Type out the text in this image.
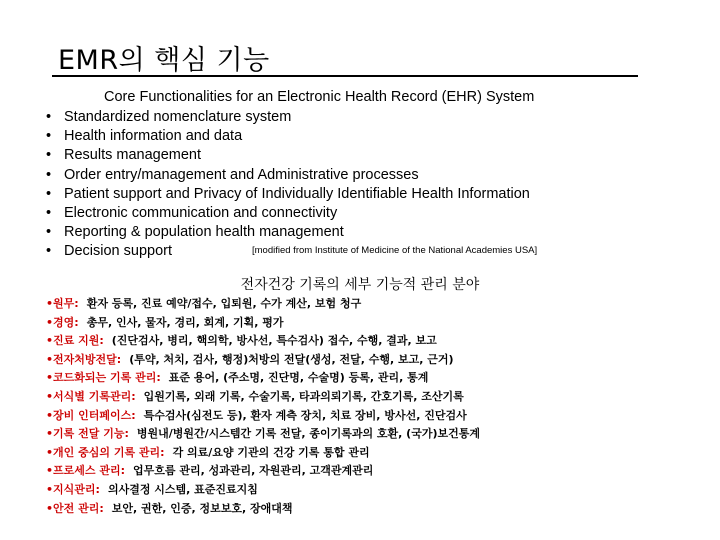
EMR의 핵심 기능
Core Functionalities for an Electronic Health Record (EHR) System
• Standardized nomenclature system
• Health information and data
• Results management
• Order entry/management and Administrative processes
• Patient support and Privacy of Individually Identifiable Health Information
• Electronic communication and connectivity
• Reporting & population health management
• Decision support	[modified from Institute of Medicine of the National Academies USA]
전자건강 기록의 세부 기능적 관리 분야
•원무: 환자 등록, 진료 예약/접수, 입퇴원, 수가 계산, 보험 청구
•경영: 총무, 인사, 물자, 경리, 회계, 기획, 평가
•진료 지원: (진단검사, 병리, 핵의학, 방사선, 특수검사) 접수, 수행, 결과, 보고
•전자처방전달: (투약, 처치, 검사, 행정)처방의 전달(생성, 전달, 수행, 보고, 근거)
•코드화되는 기록 관리: 표준 용어, (주소명, 진단명, 수술명) 등록, 관리, 통계
•서식별 기록관리: 입원기록, 외래 기록, 수술기록, 타과의뢰기록, 간호기록, 조산기록
•장비 인터페이스: 특수검사(심전도 등), 환자 계측 장치, 치료 장비, 방사선, 진단검사
•기록 전달 기능: 병원내/병원간/시스템간 기록 전달, 종이기록과의 호환, (국가)보건통계
•개인 중심의 기록 관리: 각 의료/요양 기관의 건강 기록 통합 관리
•프로세스 관리: 업무흐름 관리, 성과관리, 자원관리, 고객관계관리
•지식관리: 의사결정 시스템, 표준진료지침
•안전 관리: 보안, 권한, 인증, 정보보호, 장애대책
